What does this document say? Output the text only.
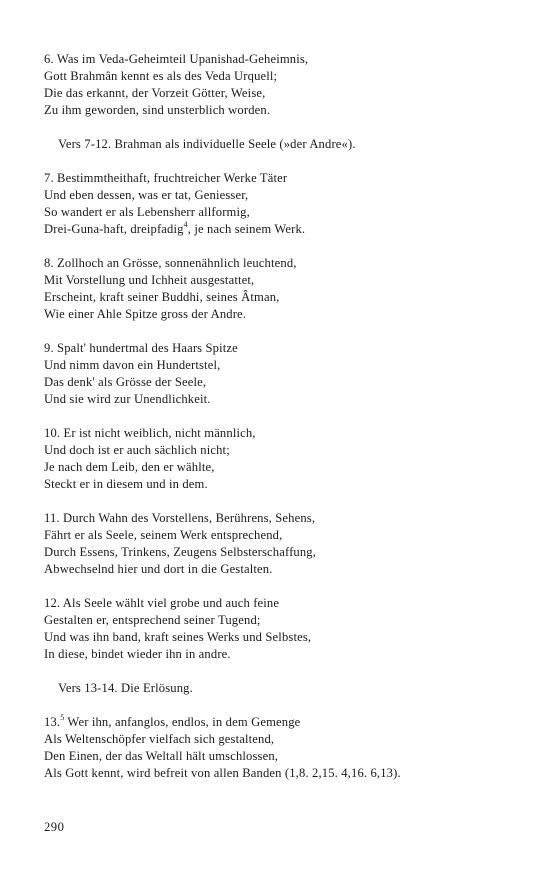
6. Was im Veda-Geheimteil Upanishad-Geheimnis,
Gott Brahmân kennt es als des Veda Urquell;
Die das erkannt, der Vorzeit Götter, Weise,
Zu ihm geworden, sind unsterblich worden.
Vers 7-12. Brahman als individuelle Seele (»der Andre«).
7. Bestimmtheithaft, fruchtreicher Werke Täter
Und eben dessen, was er tat, Geniesser,
So wandert er als Lebensherr allformig,
Drei-Guna-haft, dreipfadig$^4$, je nach seinem Werk.
8. Zollhoch an Grösse, sonnenähnlich leuchtend,
Mit Vorstellung und Ichheit ausgestattet,
Erscheint, kraft seiner Buddhi, seines Âtman,
Wie einer Ahle Spitze gross der Andre.
9. Spalt' hundertmal des Haars Spitze
Und nimm davon ein Hundertstel,
Das denk' als Grösse der Seele,
Und sie wird zur Unendlichkeit.
10. Er ist nicht weiblich, nicht männlich,
Und doch ist er auch sächlich nicht;
Je nach dem Leib, den er wählte,
Steckt er in diesem und in dem.
11. Durch Wahn des Vorstellens, Berührens, Sehens,
Fährt er als Seele, seinem Werk entsprechend,
Durch Essens, Trinkens, Zeugens Selbsterschaffung,
Abwechselnd hier und dort in die Gestalten.
12. Als Seele wählt viel grobe und auch feine
Gestalten er, entsprechend seiner Tugend;
Und was ihn band, kraft seines Werks und Selbstes,
In diese, bindet wieder ihn in andre.
Vers 13-14. Die Erlösung.
13.$^5$ Wer ihn, anfanglos, endlos, in dem Gemenge
Als Weltenschöpfer vielfach sich gestaltend,
Den Einen, der das Weltall hält umschlossen,
Als Gott kennt, wird befreit von allen Banden (1,8. 2,15. 4,16. 6,13).
290
